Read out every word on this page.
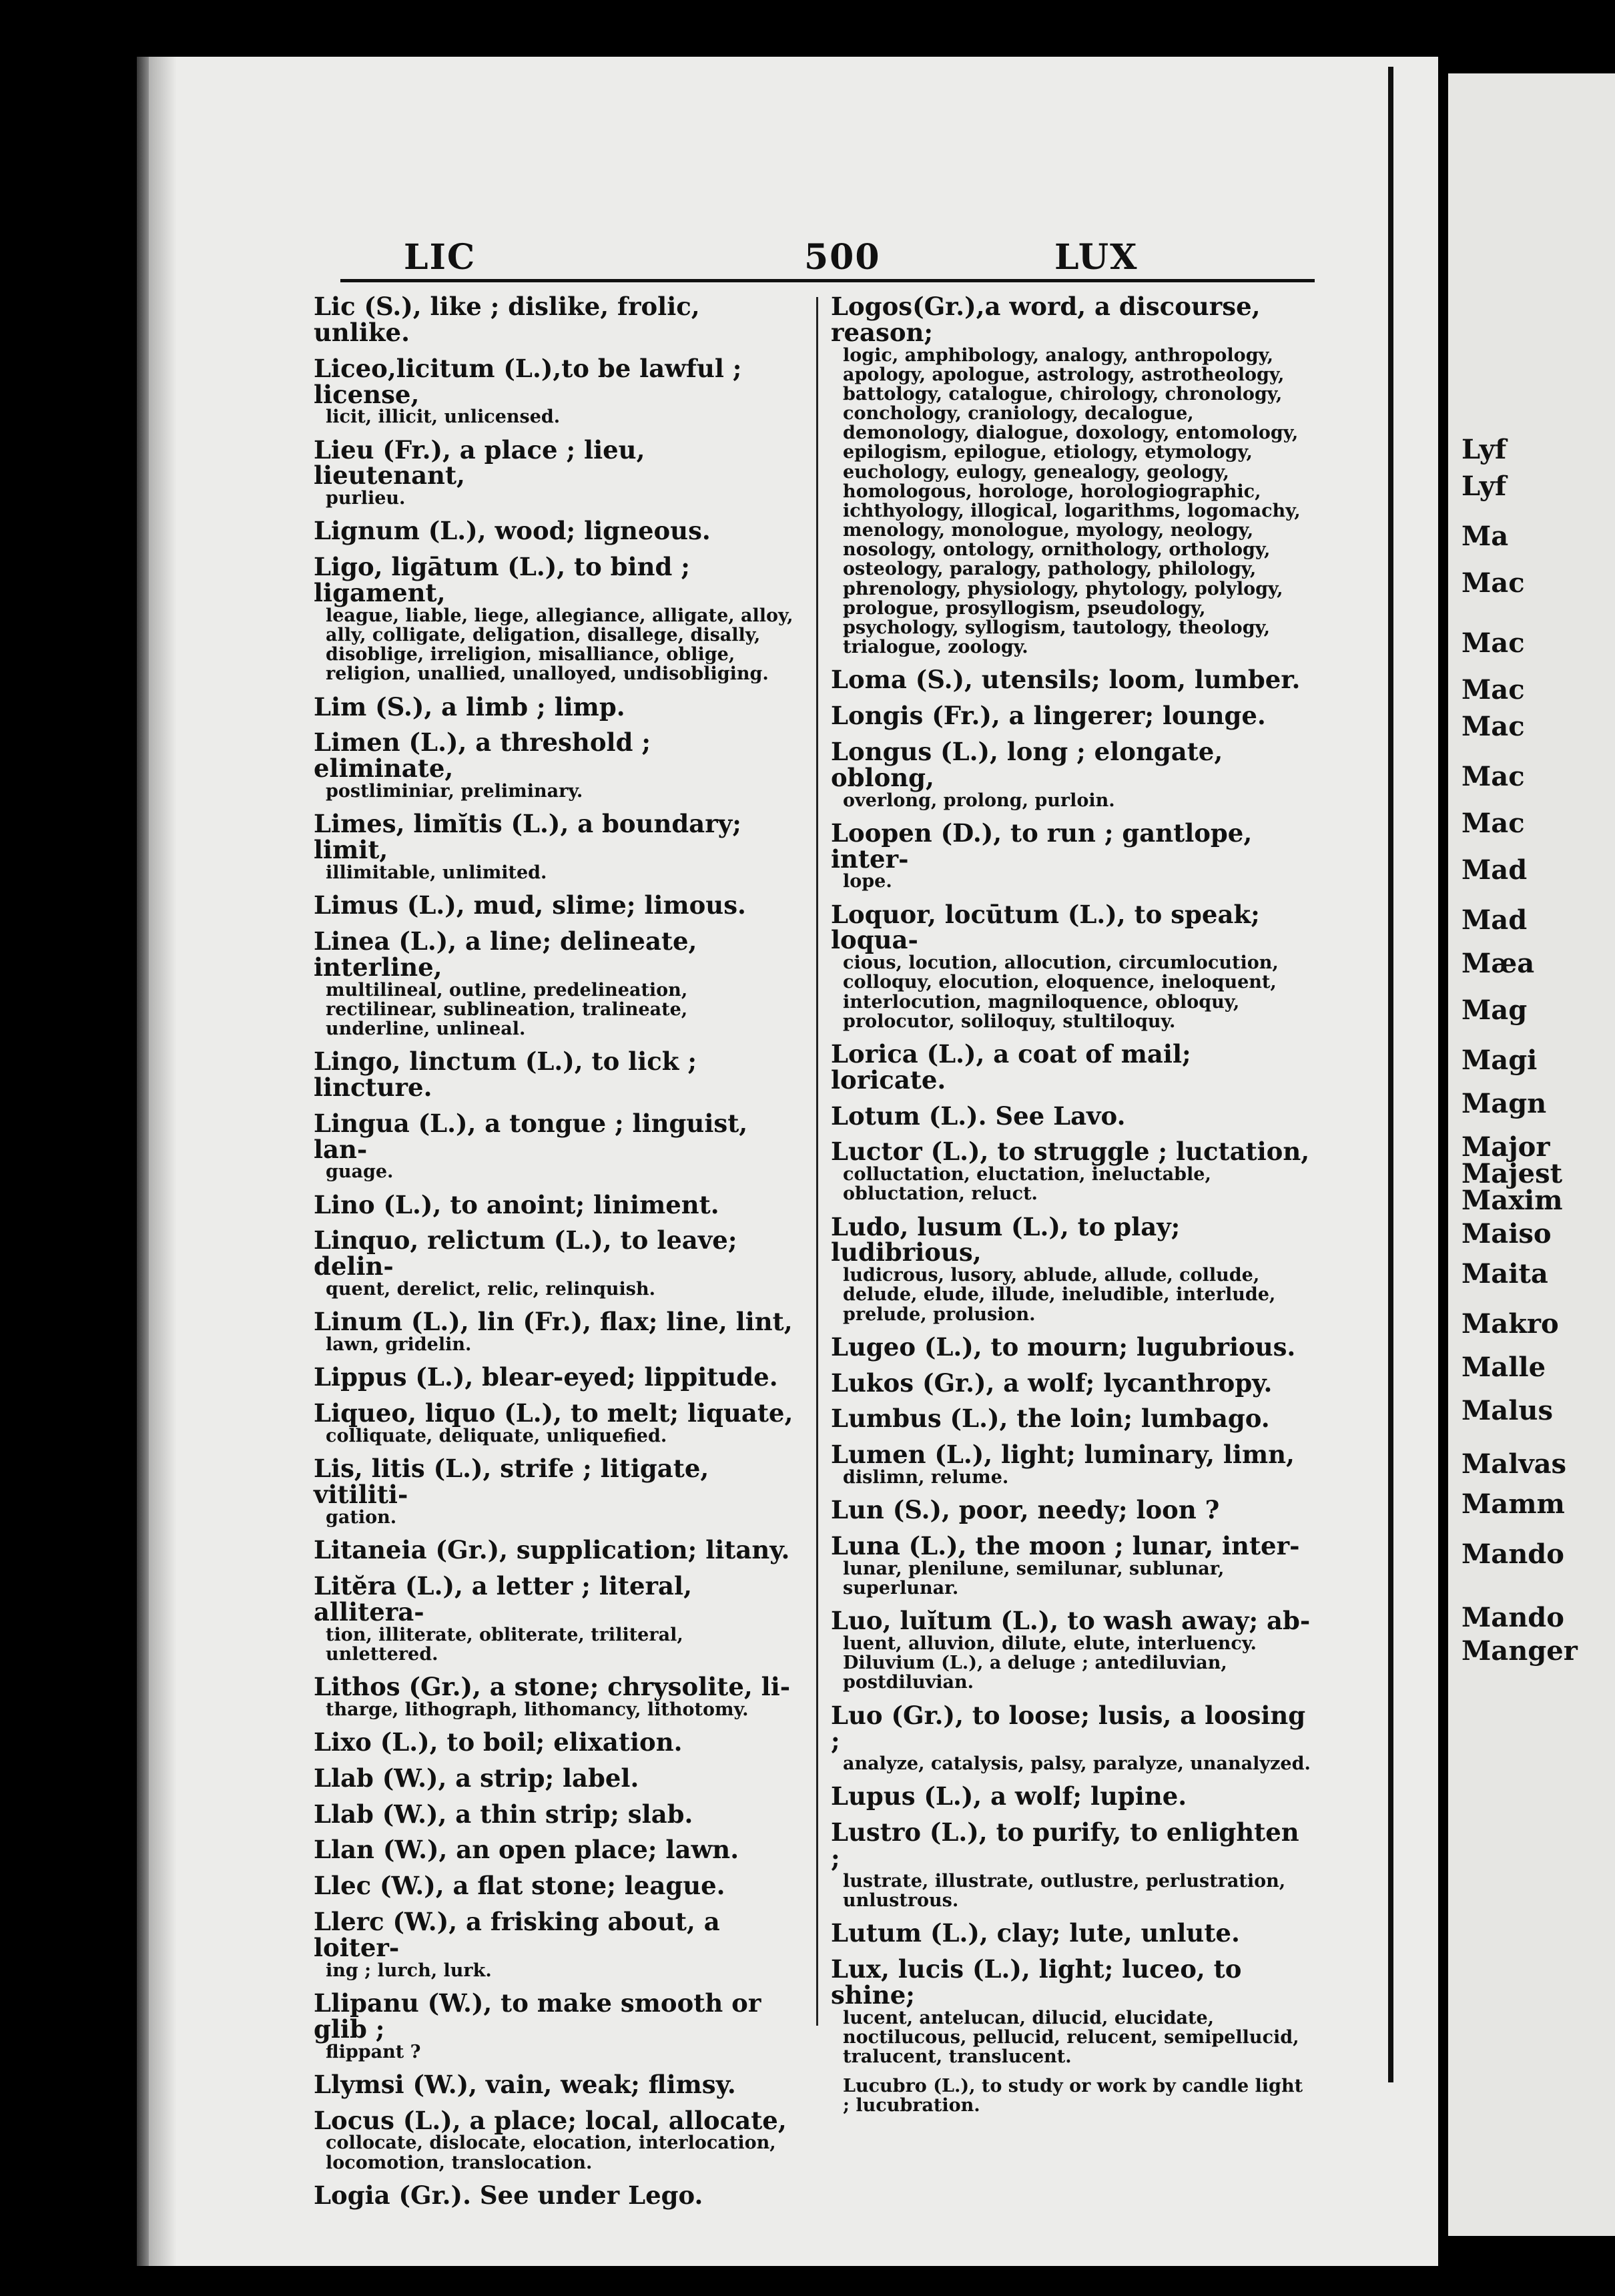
Lyf
Lyf
Ma
Mac
Mac
Mac
Mac
Mac
Mac
Mad
Mad
Mæa
Mag
Magi
Magn
Major
Majest
Maxim
Maiso
Maita
Makro
Malle
Malus
Malvas
Mamm
Mando
Mando
Manger
LIC	500	LUX
Lic (S.), like ; dislike, frolic, unlike.
Liceo,licitum (L.),to be lawful ; license,
licit, illicit, unlicensed.
Lieu (Fr.), a place ; lieu, lieutenant,
purlieu.
Lignum (L.), wood; ligneous.
Ligo, ligātum (L.), to bind ; ligament,
league, liable, liege, allegiance, alligate, alloy, ally, colligate, deligation, disallege, disally, disoblige, irreligion, misalliance, oblige, religion, unallied, unalloyed, undisobliging.
Lim (S.), a limb ; limp.
Limen (L.), a threshold ; eliminate,
postliminiar, preliminary.
Limes, limĭtis (L.), a boundary; limit,
illimitable, unlimited.
Limus (L.), mud, slime; limous.
Linea (L.), a line; delineate, interline,
multilineal, outline, predelineation, rectilinear, sublineation, tralineate, underline, unlineal.
Lingo, linctum (L.), to lick ; lincture.
Lingua (L.), a tongue ; linguist, lan-
guage.
Lino (L.), to anoint; liniment.
Linquo, relictum (L.), to leave; delin-
quent, derelict, relic, relinquish.
Linum (L.), lin (Fr.), flax; line, lint,
lawn, gridelin.
Lippus (L.), blear-eyed; lippitude.
Liqueo, liquo (L.), to melt; liquate,
colliquate, deliquate, unliquefied.
Lis, litis (L.), strife ; litigate, vitiliti-
gation.
Litaneia (Gr.), supplication; litany.
Litĕra (L.), a letter ; literal, allitera-
tion, illiterate, obliterate, triliteral, unlettered.
Lithos (Gr.), a stone; chrysolite, li-
tharge, lithograph, lithomancy, lithotomy.
Lixo (L.), to boil; elixation.
Llab (W.), a strip; label.
Llab (W.), a thin strip; slab.
Llan (W.), an open place; lawn.
Llec (W.), a flat stone; league.
Llerc (W.), a frisking about, a loiter-
ing ; lurch, lurk.
Llipanu (W.), to make smooth or glib ;
flippant ?
Llymsi (W.), vain, weak; flimsy.
Locus (L.), a place; local, allocate,
collocate, dislocate, elocation, interlocation, locomotion, translocation.
Logia (Gr.). See under Lego.
Logos(Gr.),a word, a discourse, reason;
logic, amphibology, analogy, anthropology, apology, apologue, astrology, astrotheology, battology, catalogue, chirology, chronology, conchology, craniology, decalogue, demonology, dialogue, doxology, entomology, epilogism, epilogue, etiology, etymology, euchology, eulogy, genealogy, geology, homologous, horologe, horologiographic, ichthyology, illogical, logarithms, logomachy, menology, monologue, myology, neology, nosology, ontology, ornithology, orthology, osteology, paralogy, pathology, philology, phrenology, physiology, phytology, polylogy, prologue, prosyllogism, pseudology, psychology, syllogism, tautology, theology, trialogue, zoology.
Loma (S.), utensils; loom, lumber.
Longis (Fr.), a lingerer; lounge.
Longus (L.), long ; elongate, oblong,
overlong, prolong, purloin.
Loopen (D.), to run ; gantlope, inter-
lope.
Loquor, locūtum (L.), to speak; loqua-
cious, locution, allocution, circumlocution, colloquy, elocution, eloquence, ineloquent, interlocution, magniloquence, obloquy, prolocutor, soliloquy, stultiloquy.
Lorica (L.), a coat of mail; loricate.
Lotum (L.). See Lavo.
Luctor (L.), to struggle ; luctation,
colluctation, eluctation, ineluctable, obluctation, reluct.
Ludo, lusum (L.), to play; ludibrious,
ludicrous, lusory, ablude, allude, collude, delude, elude, illude, ineludible, interlude, prelude, prolusion.
Lugeo (L.), to mourn; lugubrious.
Lukos (Gr.), a wolf; lycanthropy.
Lumbus (L.), the loin; lumbago.
Lumen (L.), light; luminary, limn,
dislimn, relume.
Lun (S.), poor, needy; loon ?
Luna (L.), the moon ; lunar, inter-
lunar, plenilune, semilunar, sublunar, superlunar.
Luo, luĭtum (L.), to wash away; ab-
luent, alluvion, dilute, elute, interluency. Diluvium (L.), a deluge ; antediluvian, postdiluvian.
Luo (Gr.), to loose; lusis, a loosing ;
analyze, catalysis, palsy, paralyze, unanalyzed.
Lupus (L.), a wolf; lupine.
Lustro (L.), to purify, to enlighten ;
lustrate, illustrate, outlustre, perlustration, unlustrous.
Lutum (L.), clay; lute, unlute.
Lux, lucis (L.), light; luceo, to shine;
lucent, antelucan, dilucid, elucidate, noctilucous, pellucid, relucent, semipellucid, tralucent, translucent.
Lucubro (L.), to study or work by candle light ; lucubration.
